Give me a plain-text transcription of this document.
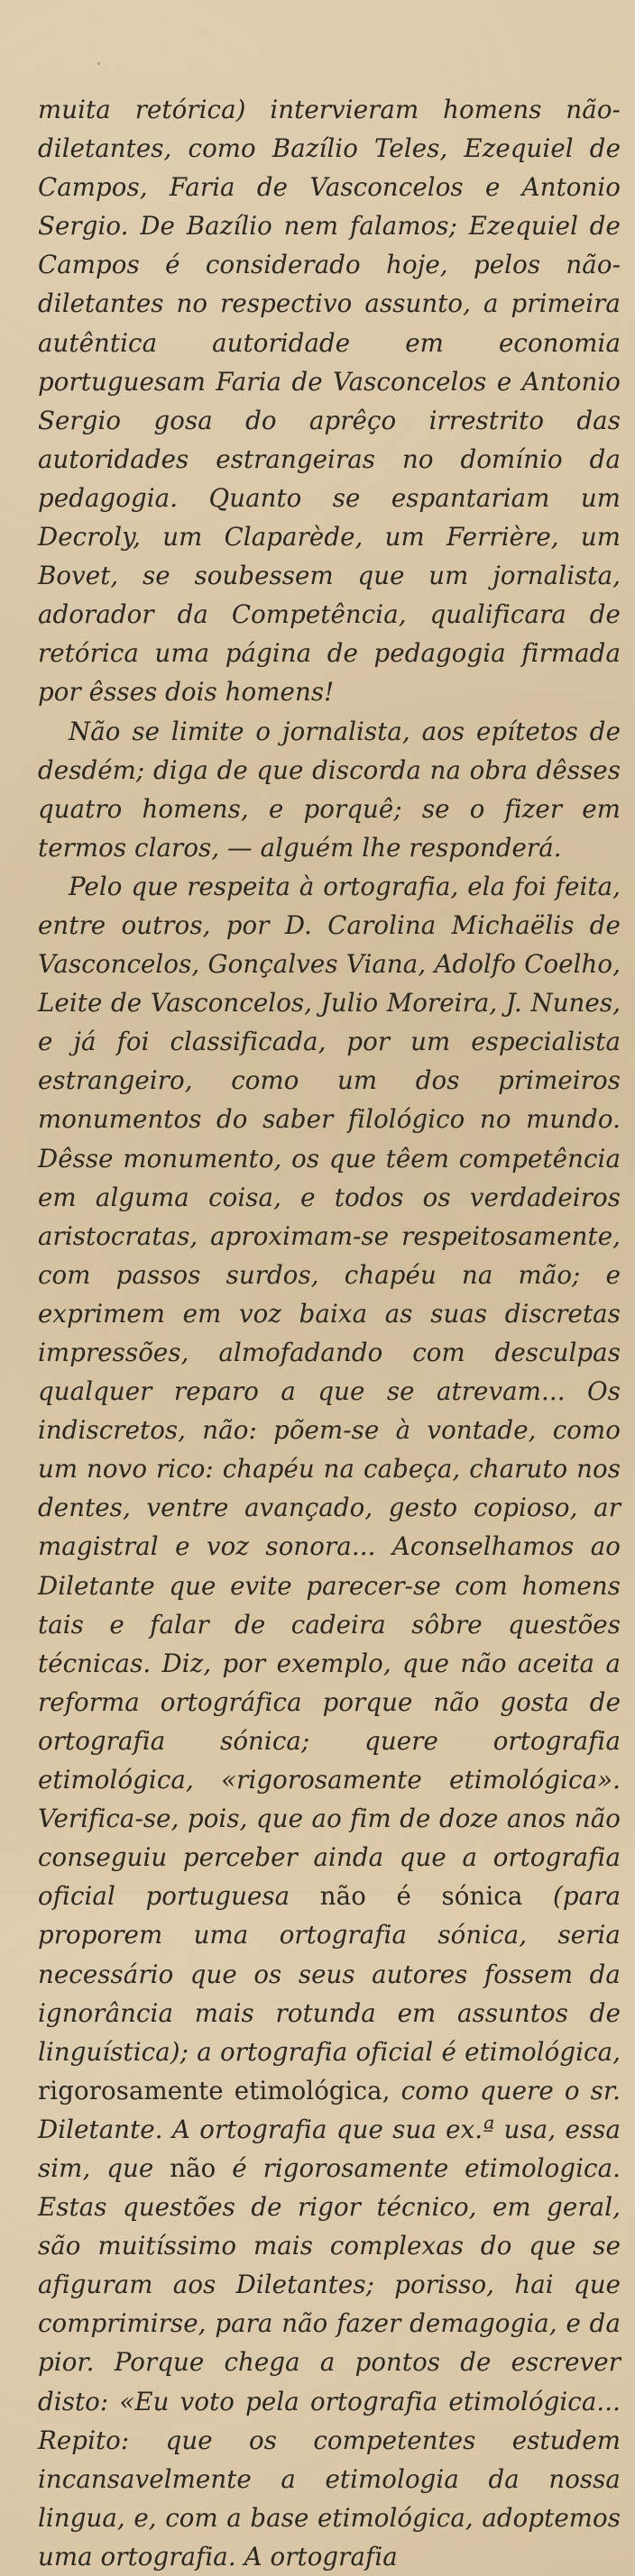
muita retórica) intervieram homens não-diletantes, como Bazílio Teles, Ezequiel de Campos, Faria de Vasconcelos e Antonio Sergio. De Bazílio nem falamos; Ezequiel de Campos é considerado hoje, pelos não-diletantes no respectivo assunto, a primeira autêntica autoridade em economia portuguesam Faria de Vasconcelos e Antonio Sergio gosa do aprêço irrestrito das autoridades estrangeiras no domínio da pedagogia. Quanto se espantariam um Decroly, um Claparède, um Ferrière, um Bovet, se soubessem que um jornalista, adorador da Competência, qualificara de retórica uma página de pedagogia firmada por êsses dois homens!

Não se limite o jornalista, aos epítetos de desdém; diga de que discorda na obra dêsses quatro homens, e porquê; se o fizer em termos claros, — alguém lhe responderá.

Pelo que respeita à ortografia, ela foi feita, entre outros, por D. Carolina Michaëlis de Vasconcelos, Gonçalves Viana, Adolfo Coelho, Leite de Vasconcelos, Julio Moreira, J. Nunes, e já foi classificada, por um especialista estrangeiro, como um dos primeiros monumentos do saber filológico no mundo. Dêsse monumento, os que têem competência em alguma coisa, e todos os verdadeiros aristocratas, aproximam-se respeitosamente, com passos surdos, chapéu na mão; e exprimem em voz baixa as suas discretas impressões, almofadando com desculpas qualquer reparo a que se atrevam... Os indiscretos, não: põem-se à vontade, como um novo rico: chapéu na cabeça, charuto nos dentes, ventre avançado, gesto copioso, ar magistral e voz sonora... Aconselhamos ao Diletante que evite parecer-se com homens tais e falar de cadeira sôbre questões técnicas. Diz, por exemplo, que não aceita a reforma ortográfica porque não gosta de ortografia sónica; quere ortografia etimológica, «rigorosamente etimológica». Verifica-se, pois, que ao fim de doze anos não conseguiu perceber ainda que a ortografia oficial portuguesa não é sónica (para proporem uma ortografia sónica, seria necessário que os seus autores fossem da ignorância mais rotunda em assuntos de linguística); a ortografia oficial é etimológica, rigorosamente etimológica, como quere o sr. Diletante. A ortografia que sua ex.ª usa, essa sim, que não é rigorosamente etimologica. Estas questões de rigor técnico, em geral, são muitíssimo mais complexas do que se afiguram aos Diletantes; porisso, hai que comprimirse, para não fazer demagogia, e da pior. Porque chega a pontos de escrever disto: «Eu voto pela ortografia etimológica... Repito: que os competentes estudem incansavelmente a etimologia da nossa lingua, e, com a base etimológica, adoptemos uma ortografia. A ortografia
